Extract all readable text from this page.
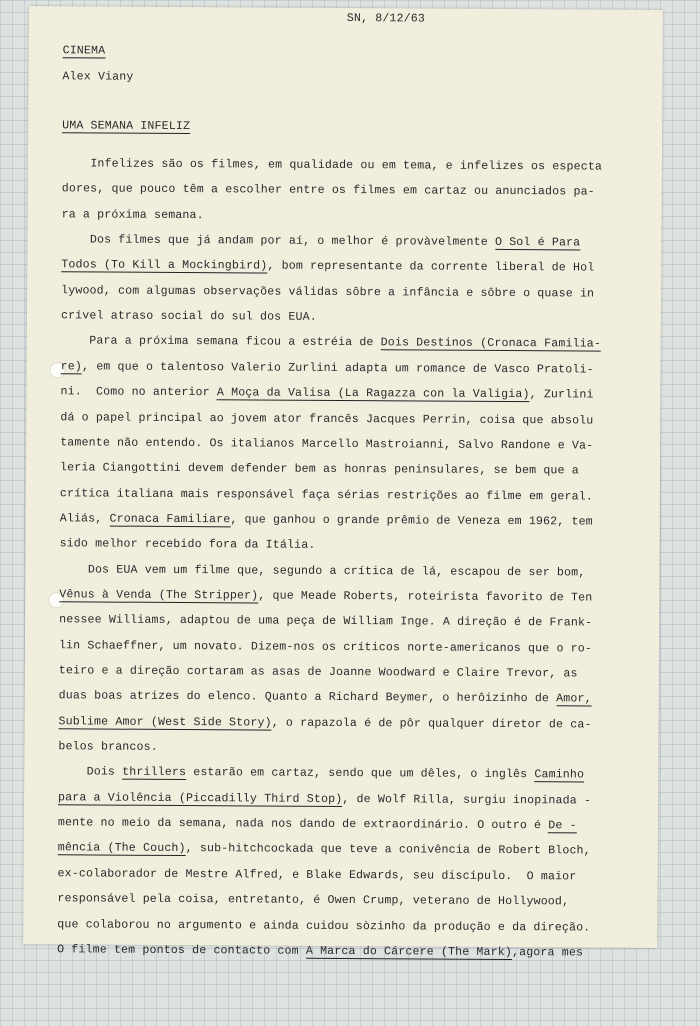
SN, 8/12/63
CINEMA
Alex Viany
UMA SEMANA INFELIZ
Infelizes são os filmes, em qualidade ou em tema, e infelizes os especta
dores, que pouco têm a escolher entre os filmes em cartaz ou anunciados pa-
ra a próxima semana.
Dos filmes que já andam por aí, o melhor é provàvelmente O Sol é Para
Todos (To Kill a Mockingbird), bom representante da corrente liberal de Hol
lywood, com algumas observações válidas sôbre a infância e sôbre o quase in
crível atraso social do sul dos EUA.
Para a próxima semana ficou a estréia de Dois Destinos (Cronaca Familia-
re), em que o talentoso Valerio Zurlini adapta um romance de Vasco Pratoli-
ni.  Como no anterior A Moça da Valisa (La Ragazza con la Valigia), Zurlini
dá o papel principal ao jovem ator francês Jacques Perrin, coisa que absolu
tamente não entendo. Os italianos Marcello Mastroianni, Salvo Randone e Va-
leria Ciangottini devem defender bem as honras peninsulares, se bem que a
crítica italiana mais responsável faça sérias restrições ao filme em geral.
Aliás, Cronaca Familiare, que ganhou o grande prêmio de Veneza em 1962, tem
sido melhor recebido fora da Itália.
Dos EUA vem um filme que, segundo a crítica de lá, escapou de ser bom,
Vênus à Venda (The Stripper), que Meade Roberts, roteirista favorito de Ten
nessee Williams, adaptou de uma peça de William Inge. A direção é de Frank-
lin Schaeffner, um novato. Dizem-nos os críticos norte-americanos que o ro-
teiro e a direção cortaram as asas de Joanne Woodward e Claire Trevor, as
duas boas atrizes do elenco. Quanto a Richard Beymer, o herôizinho de Amor,
Sublime Amor (West Side Story), o rapazola é de pôr qualquer diretor de ca-
belos brancos.
Dois thrillers estarão em cartaz, sendo que um dêles, o inglês Caminho
para a Violência (Piccadilly Third Stop), de Wolf Rilla, surgiu inopinada -
mente no meio da semana, nada nos dando de extraordinário. O outro é De -
mência (The Couch), sub-hitchcockada que teve a conivência de Robert Bloch,
ex-colaborador de Mestre Alfred, e Blake Edwards, seu discípulo.  O maior
responsável pela coisa, entretanto, é Owen Crump, veterano de Hollywood,
que colaborou no argumento e ainda cuidou sòzinho da produção e da direção.
O filme tem pontos de contacto com A Marca do Cárcere (The Mark),agora mes
